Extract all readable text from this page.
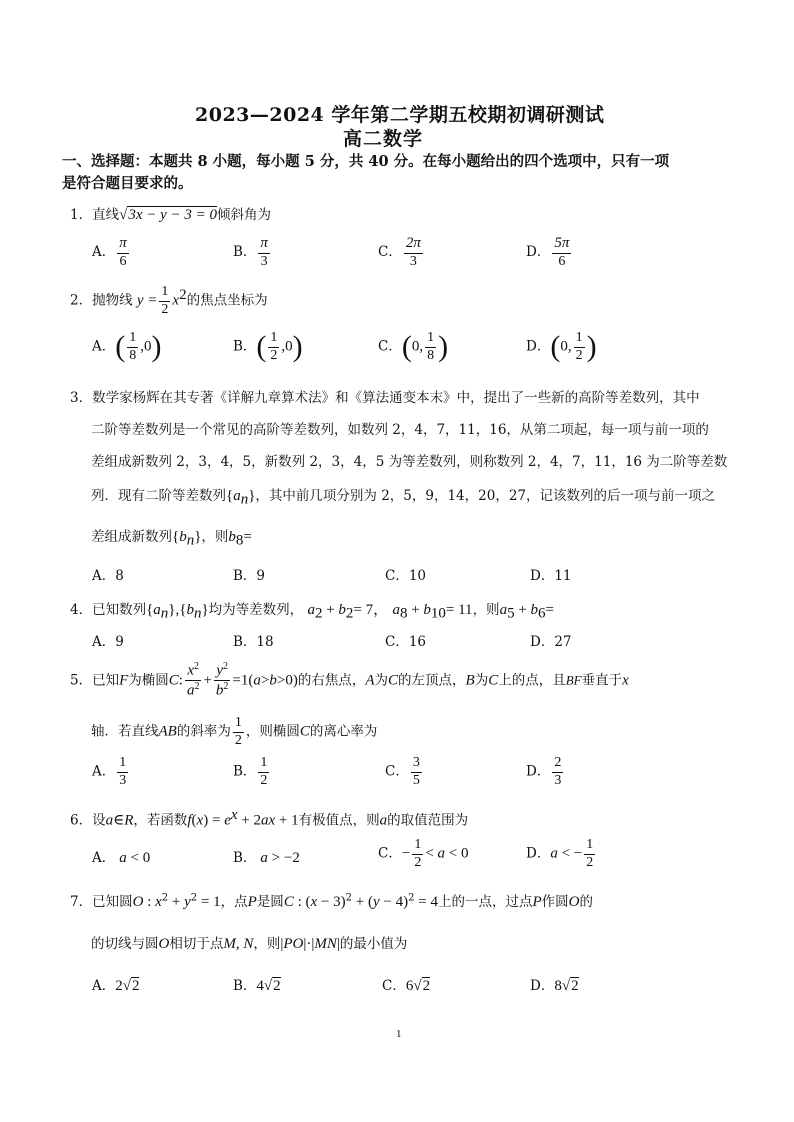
2023—2024 学年第二学期五校期初调研测试
高二数学
一、选择题：本题共 8 小题，每小题 5 分，共 40 分。在每小题给出的四个选项中，只有一项
是符合题目要求的。
1．直线√3x − y − 3 = 0倾斜角为
A． $\frac{\pi}{6}$	B． $\frac{\pi}{3}$	C． $\frac{2\pi}{3}$	D． $\frac{5\pi}{6}$
2．抛物线 $y = \frac{1}{2} x^2$的焦点坐标为
A．( $\frac{1}{8} ,0$)	B．( $\frac{1}{2} ,0$)	C．(0, $\frac{1}{8}$ )	D．(0, $\frac{1}{2}$ )
3．数学家杨辉在其专著《详解九章算术法》和《算法通变本末》中，提出了一些新的高阶等差数列，其中
二阶等差数列是一个常见的高阶等差数列，如数列 2，4，7，11，16，从第二项起，每一项与前一项的
差组成新数列 2，3，4，5，新数列 2，3，4，5 为等差数列，则称数列 2，4，7，11，16 为二阶等差数
列．现有二阶等差数列$\{a_n\}$，其中前几项分别为 2，5，9，14，20，27，记该数列的后一项与前一项之
差组成新数列$\{b_n\}$，则$b_8=$
A．8	B．9	C．10	D．11
4．已知数列$\{a_n\},\{b_n\}$均为等差数列， $a_2 + b_2= 7$， $a_8 + b_{10}= 11$，则$a_5 + b_6=$
A．9	B．18	C．16	D．27
5．已知F为椭圆C: $\frac{x^2}{a^2} + \frac{y^2}{b^2} =1(a>b>0)$的右焦点，A为C的左顶点，B为C上的点，且BF垂直于x
轴．若直线AB的斜率为 $\frac{1}{2}$ ，则椭圆C的离心率为
A． $\frac{1}{3}$	B． $\frac{1}{2}$	C． $\frac{3}{5}$	D． $\frac{2}{3}$
6．设a∈R，若函数$f(x) = e^x + 2ax + 1$有极值点，则a的取值范围为
A． a < 0	B． a > −2	C．− $\frac{1}{2} < a < 0$	D．a < − $\frac{1}{2}$
7．已知圆O : $x^2 + y^2 = 1$，点P是圆C : $(x - 3)^2 + (y - 4)^2 = 4$上的一点，过点P作圆O的
的切线与圆O相切于点M, N，则|PO|·|MN|的最小值为
A．2√2	B．4√2	C．6√2	D．8√2
1
